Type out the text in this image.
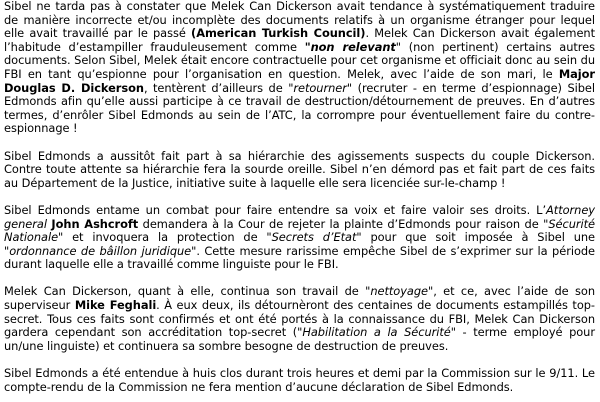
Sibel ne tarda pas à constater que Melek Can Dickerson avait tendance à systématiquement traduire de manière incorrecte et/ou incomplète des documents relatifs à un organisme étranger pour lequel elle avait travaillé par le passé (American Turkish Council). Melek Can Dickerson avait également l’habitude d’estampiller frauduleusement comme "non relevant" (non pertinent) certains autres documents. Selon Sibel, Melek était encore contractuelle pour cet organisme et officiait donc au sein du FBI en tant qu’espionne pour l’organisation en question. Melek, avec l’aide de son mari, le Major Douglas D. Dickerson, tentèrent d’ailleurs de "retourner" (recruter - en terme d’espionnage) Sibel Edmonds afin qu’elle aussi participe à ce travail de destruction/détournement de preuves. En d’autres termes, d’enrôler Sibel Edmonds au sein de l’ATC, la corrompre pour éventuellement faire du contre-espionnage !

Sibel Edmonds a aussitôt fait part à sa hiérarchie des agissements suspects du couple Dickerson. Contre toute attente sa hiérarchie fera la sourde oreille. Sibel n’en démord pas et fait part de ces faits au Département de la Justice, initiative suite à laquelle elle sera licenciée sur-le-champ !

Sibel Edmonds entame un combat pour faire entendre sa voix et faire valoir ses droits. L’Attorney general John Ashcroft demandera à la Cour de rejeter la plainte d’Edmonds pour raison de "Sécurité Nationale" et invoquera la protection de "Secrets d’Etat" pour que soit imposée à Sibel une "ordonnance de bâillon juridique". Cette mesure rarissime empêche Sibel de s’exprimer sur la période durant laquelle elle a travaillé comme linguiste pour le FBI.

Melek Can Dickerson, quant à elle, continua son travail de "nettoyage", et ce, avec l’aide de son superviseur Mike Feghali. À eux deux, ils détournèront des centaines de documents estampillés top-secret. Tous ces faits sont confirmés et ont été portés à la connaissance du FBI, Melek Can Dickerson gardera cependant son accréditation top-secret ("Habilitation a la Sécurité" - terme employé pour un/une linguiste) et continuera sa sombre besogne de destruction de preuves.

Sibel Edmonds a été entendue à huis clos durant trois heures et demi par la Commission sur le 9/11. Le compte-rendu de la Commission ne fera mention d’aucune déclaration de Sibel Edmonds.
